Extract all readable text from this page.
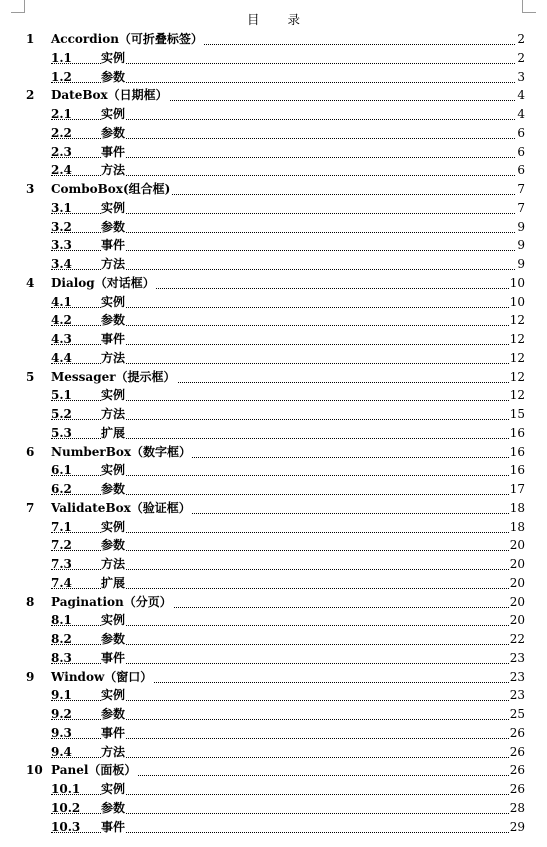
目 录
1 Accordion（可折叠标签）	2
1.1 实例	2
1.2 参数	3
2 DateBox（日期框）	4
2.1 实例	4
2.2 参数	6
2.3 事件	6
2.4 方法	6
3 ComboBox(组合框)	7
3.1 实例	7
3.2 参数	9
3.3 事件	9
3.4 方法	9
4 Dialog（对话框）	10
4.1 实例	10
4.2 参数	12
4.3 事件	12
4.4 方法	12
5 Messager（提示框）	12
5.1 实例	12
5.2 方法	15
5.3 扩展	16
6 NumberBox（数字框）	16
6.1 实例	16
6.2 参数	17
7 ValidateBox（验证框）	18
7.1 实例	18
7.2 参数	20
7.3 方法	20
7.4 扩展	20
8 Pagination（分页）	20
8.1 实例	20
8.2 参数	22
8.3 事件	23
9 Window（窗口）	23
9.1 实例	23
9.2 参数	25
9.3 事件	26
9.4 方法	26
10 Panel（面板）	26
10.1 实例	26
10.2 参数	28
10.3 事件	29
